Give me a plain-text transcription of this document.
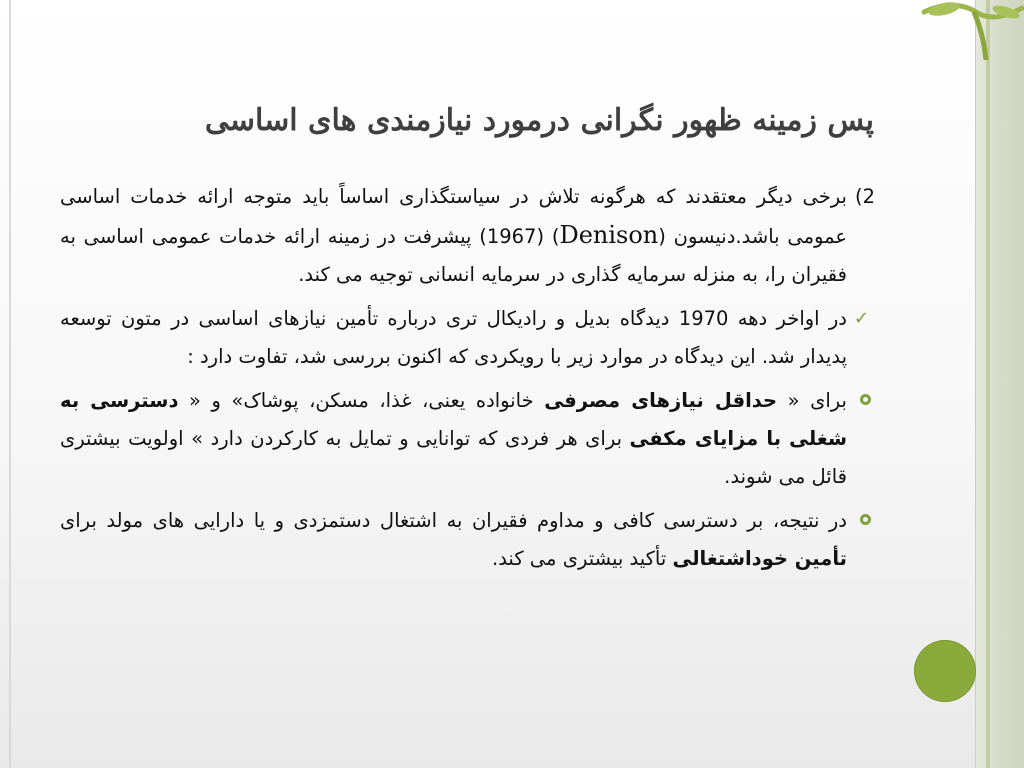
پس زمینه ظهور نگرانی درمورد نیازمندی های اساسی
2)
برخی دیگر معتقدند که هرگونه تلاش در سیاستگذاری اساساً باید متوجه ارائه خدمات اساسی عمومی باشد.دنیسون (Denison) (1967) پیشرفت در زمینه ارائه خدمات عمومی اساسی به فقیران را، به منزله سرمایه گذاری در سرمایه انسانی توجیه می کند.
✓
در اواخر دهه 1970 دیدگاه بدیل و رادیکال تری درباره تأمین نیازهای اساسی در متون توسعه پدیدار شد. این دیدگاه در موارد زیر با رویکردی که اکنون بررسی شد، تفاوت دارد :
برای « حداقل نیازهای مصرفی خانواده یعنی، غذا، مسکن، پوشاک» و « دسترسی به شغلی با مزایای مکفی برای هر فردی که توانایی و تمایل به کارکردن دارد » اولویت بیشتری قائل می شوند.
در نتیجه، بر دسترسی کافی و مداوم فقیران به اشتغال دستمزدی و یا دارایی های مولد برای تأمین خوداشتغالی تأکید بیشتری می کند.
